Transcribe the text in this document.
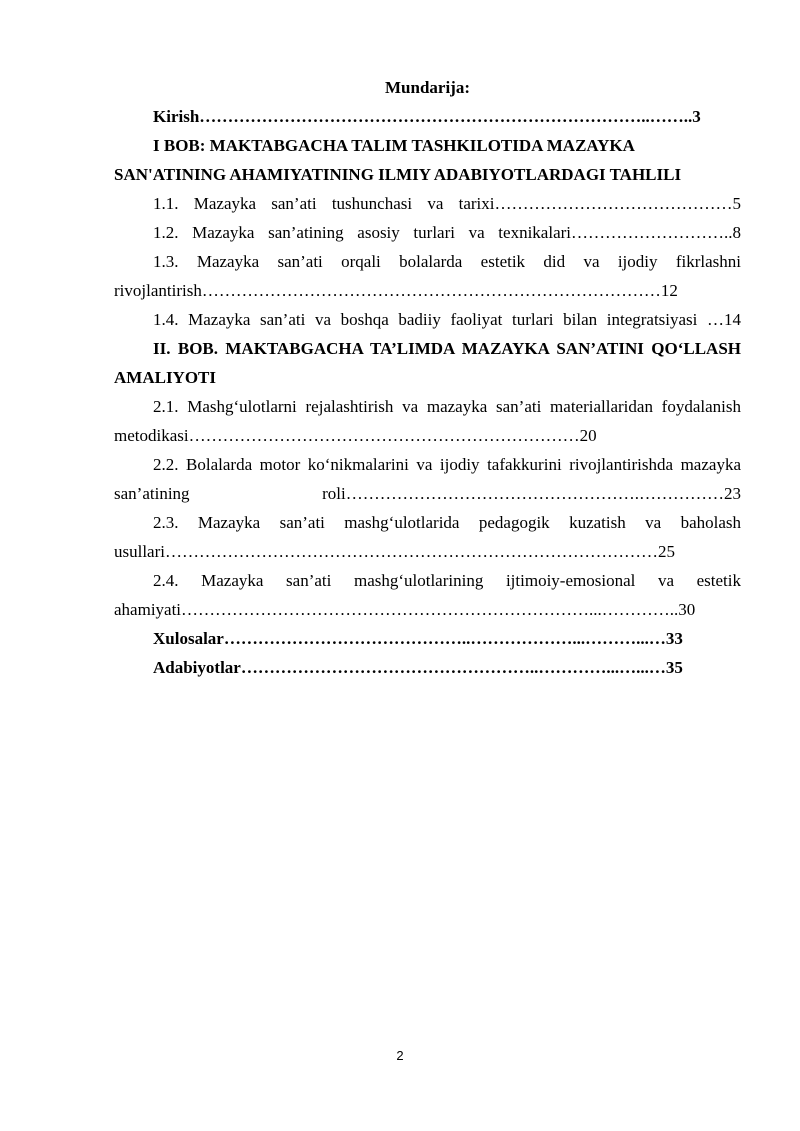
Mundarija:

Kirish……………………………………………………………………..……..3

I BOB: MAKTABGACHA TALIM TASHKILOTIDA MAZAYKA SAN'ATINING AHAMIYATINING ILMIY ADABIYOTLARDAGI TAHLILI

1.1. Mazayka san’ati tushunchasi va tarixi……………………………………5

1.2. Mazayka san’atining asosiy turlari va texnikalari………………………..8

1.3. Mazayka san’ati orqali bolalarda estetik did va ijodiy fikrlashni rivojlantirish………………………………………………………………………12

1.4. Mazayka san’ati va boshqa badiiy faoliyat turlari bilan integratsiyasi …14

II. BOB. MAKTABGACHA TA’LIMDA MAZAYKA SAN’ATINI QO‘LLASH AMALIYOTI

2.1. Mashg‘ulotlarni rejalashtirish va mazayka san’ati materiallaridan foydalanish metodikasi……………………………………………………………20

2.2. Bolalarda motor ko‘nikmalarini va ijodiy tafakkurini rivojlantirishda mazayka san’atining roli…………………………………………….……………23

2.3. Mazayka san’ati mashg‘ulotlarida pedagogik kuzatish va baholash usullari……………………………………………………………………………25

2.4. Mazayka san’ati mashg‘ulotlarining ijtimoiy-emosional va estetik ahamiyati………………………………………………………………...…………..30

Xulosalar……………………………………..………………...………...…33

Adabiyotlar……………………………………………..…………...…...…35

2
